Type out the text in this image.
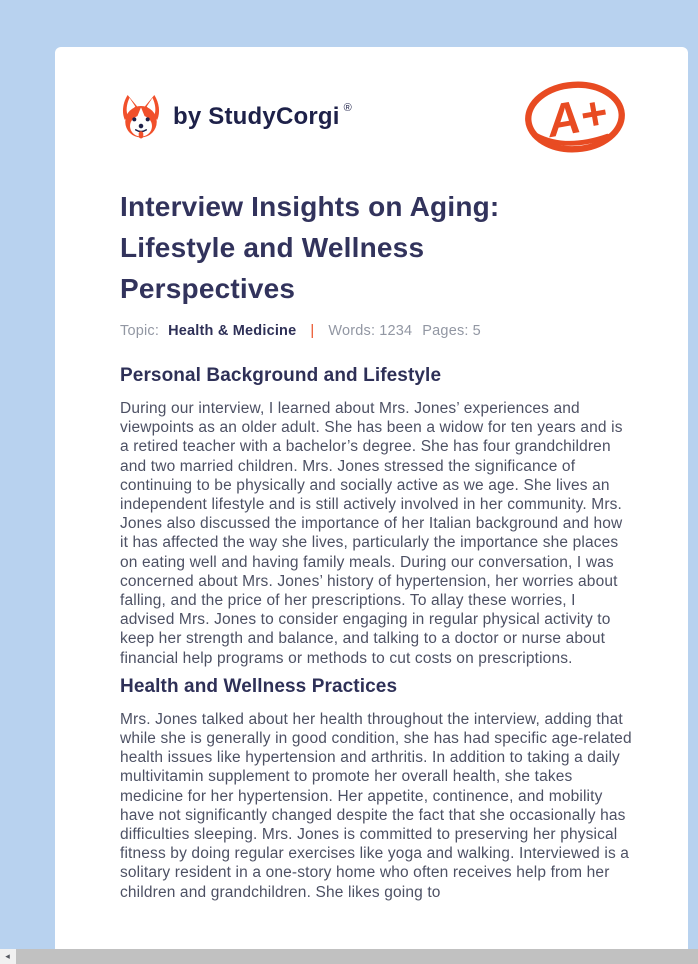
by StudyCorgi ®	A+
Interview Insights on Aging: Lifestyle and Wellness Perspectives
Topic: Health & Medicine | Words: 1234 Pages: 5
Personal Background and Lifestyle

During our interview, I learned about Mrs. Jones’ experiences and viewpoints as an older adult. She has been a widow for ten years and is a retired teacher with a bachelor’s degree. She has four grandchildren and two married children. Mrs. Jones stressed the significance of continuing to be physically and socially active as we age. She lives an independent lifestyle and is still actively involved in her community. Mrs. Jones also discussed the importance of her Italian background and how it has affected the way she lives, particularly the importance she places on eating well and having family meals. During our conversation, I was concerned about Mrs. Jones’ history of hypertension, her worries about falling, and the price of her prescriptions. To allay these worries, I advised Mrs. Jones to consider engaging in regular physical activity to keep her strength and balance, and talking to a doctor or nurse about financial help programs or methods to cut costs on prescriptions.

Health and Wellness Practices

Mrs. Jones talked about her health throughout the interview, adding that while she is generally in good condition, she has had specific age-related health issues like hypertension and arthritis. In addition to taking a daily multivitamin supplement to promote her overall health, she takes medicine for her hypertension. Her appetite, continence, and mobility have not significantly changed despite the fact that she occasionally has difficulties sleeping. Mrs. Jones is committed to preserving her physical fitness by doing regular exercises like yoga and walking. Interviewed is a solitary resident in a one-story home who often receives help from her children and grandchildren. She likes going to

◂
